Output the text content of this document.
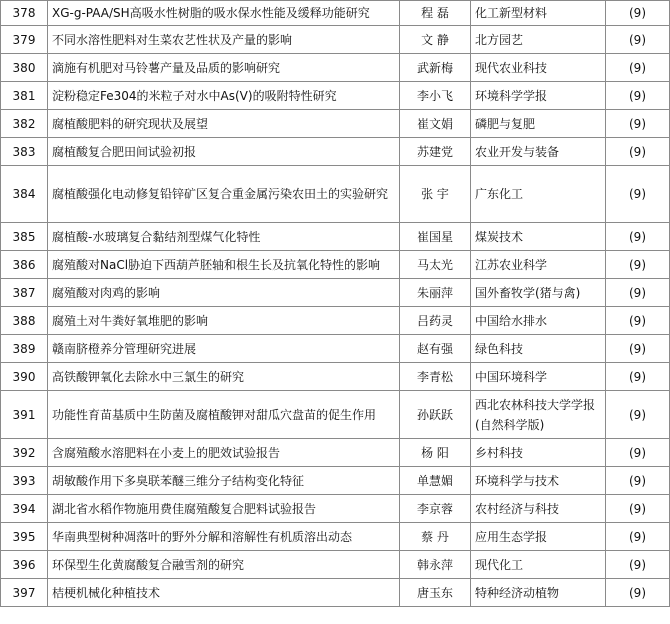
378	XG-g-PAA/SH高吸水性树脂的吸水保水性能及缓释功能研究	程 磊	化工新型材料	(9)
379	不同水溶性肥料对生菜农艺性状及产量的影响	文 静	北方园艺	(9)
380	滴施有机肥对马铃薯产量及品质的影响研究	武新梅	现代农业科技	(9)
381	淀粉稳定Fe304的米粒子对水中As(V)的吸附特性研究	李小飞	环境科学学报	(9)
382	腐植酸肥料的研究现状及展望	崔文娟	磷肥与复肥	(9)
383	腐植酸复合肥田间试验初报	苏建党	农业开发与装备	(9)
384	腐植酸强化电动修复铅锌矿区复合重金属污染农田土的实验研究	张 宇	广东化工	(9)
385	腐植酸-水玻璃复合黏结剂型煤气化特性	崔国星	煤炭技术	(9)
386	腐殖酸对NaCl胁迫下西葫芦胚轴和根生长及抗氧化特性的影响	马太光	江苏农业科学	(9)
387	腐殖酸对肉鸡的影响	朱丽萍	国外畜牧学(猪与禽)	(9)
388	腐殖土对牛粪好氧堆肥的影响	吕药灵	中国给水排水	(9)
389	赣南脐橙养分管理研究进展	赵有强	绿色科技	(9)
390	高铁酸钾氧化去除水中三氯生的研究	李青松	中国环境科学	(9)
391	功能性育苗基质中生防菌及腐植酸钾对甜瓜穴盘苗的促生作用	孙跃跃	西北农林科技大学学报(自然科学版)	(9)
392	含腐殖酸水溶肥料在小麦上的肥效试验报告	杨 阳	乡村科技	(9)
393	胡敏酸作用下多臭联苯醚三维分子结构变化特征	单慧媚	环境科学与技术	(9)
394	湖北省水稻作物施用费佳腐殖酸复合肥料试验报告	李京蓉	农村经济与科技	(9)
395	华南典型树种凋落叶的野外分解和溶解性有机质溶出动态	蔡 丹	应用生态学报	(9)
396	环保型生化黄腐酸复合融雪剂的研究	韩永萍	现代化工	(9)
397	桔梗机械化种植技术	唐玉东	特种经济动植物	(9)
